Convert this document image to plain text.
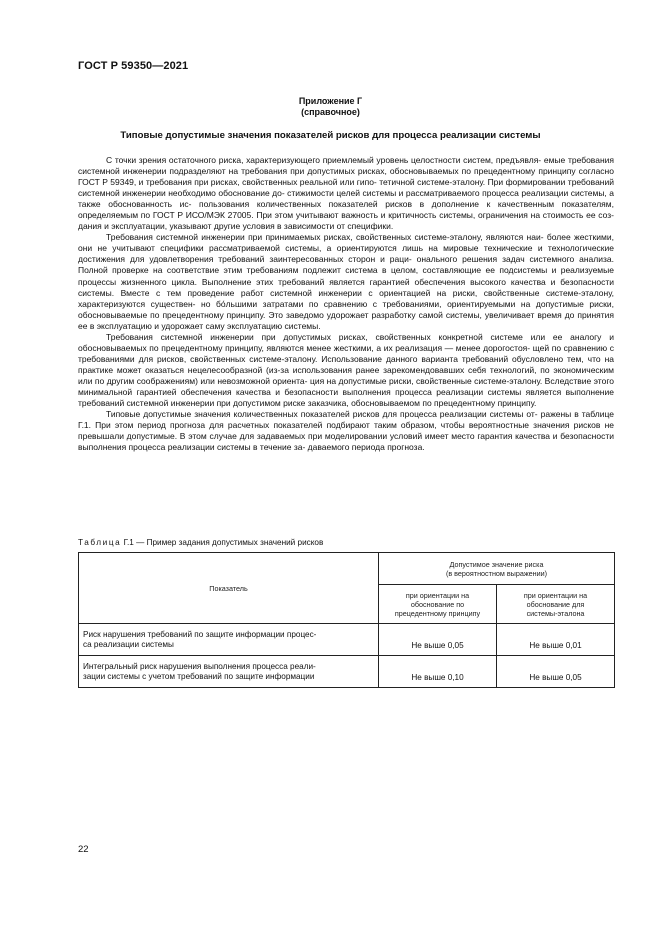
ГОСТ Р 59350—2021
Приложение Г
(справочное)
Типовые допустимые значения показателей рисков для процесса реализации системы

С точки зрения остаточного риска, характеризующего приемлемый уровень целостности систем, предъявля- емые требования системной инженерии подразделяют на требования при допустимых рисках, обосновываемых по прецедентному принципу согласно ГОСТ Р 59349, и требования при рисках, свойственных реальной или гипо- тетичной системе-эталону. При формировании требований системной инженерии необходимо обоснование до- стижимости целей системы и рассматриваемого процесса реализации системы, а также обоснованность ис- пользования количественных показателей рисков в дополнение к качественным показателям, определяемым по ГОСТ Р ИСО/МЭК 27005. При этом учитывают важность и критичность системы, ограничения на стоимость ее соз- дания и эксплуатации, указывают другие условия в зависимости от специфики.

Требования системной инженерии при принимаемых рисках, свойственных системе-эталону, являются наи- более жесткими, они не учитывают специфики рассматриваемой системы, а ориентируются лишь на мировые технические и технологические достижения для удовлетворения требований заинтересованных сторон и раци- онального решения задач системного анализа. Полной проверке на соответствие этим требованиям подлежит система в целом, составляющие ее подсистемы и реализуемые процессы жизненного цикла. Выполнение этих требований является гарантией обеспечения высокого качества и безопасности системы. Вместе с тем проведение работ системной инженерии с ориентацией на риски, свойственные системе-эталону, характеризуются существен- но бо́льшими затратами по сравнению с требованиями, ориентируемыми на допустимые риски, обосновываемые по прецедентному принципу. Это заведомо удорожает разработку самой системы, увеличивает время до принятия ее в эксплуатацию и удорожает саму эксплуатацию системы.

Требования системной инженерии при допустимых рисках, свойственных конкретной системе или ее аналогу и обосновываемых по прецедентному принципу, являются менее жесткими, а их реализация — менее дорогостоя- щей по сравнению с требованиями для рисков, свойственных системе-эталону. Использование данного варианта требований обусловлено тем, что на практике может оказаться нецелесообразной (из-за использования ранее зарекомендовавших себя технологий, по экономическим или по другим соображениям) или невозможной ориента- ция на допустимые риски, свойственные системе-эталону. Вследствие этого минимальной гарантией обеспечения качества и безопасности выполнения процесса реализации системы является выполнение требований системной инженерии при допустимом риске заказчика, обосновываемом по прецедентному принципу.

Типовые допустимые значения количественных показателей рисков для процесса реализации системы от- ражены в таблице Г.1. При этом период прогноза для расчетных показателей подбирают таким образом, чтобы вероятностные значения рисков не превышали допустимые. В этом случае для задаваемых при моделировании условий имеет место гарантия качества и безопасности выполнения процесса реализации системы в течение за- даваемого периода прогноза.

Таблица Г.1 — Пример задания допустимых значений рисков
Показатель	Допустимое значение риска
(в вероятностном выражении)	

	при ориентации на
обоснование по
прецедентному принципу	при ориентации на
обоснование для
системы-эталона

Риск нарушения требований по защите информации процес-
са реализации системы	Не выше 0,05	Не выше 0,01

Интегральный риск нарушения выполнения процесса реали-
зации системы с учетом требований по защите информации	Не выше 0,10	Не выше 0,05
22
